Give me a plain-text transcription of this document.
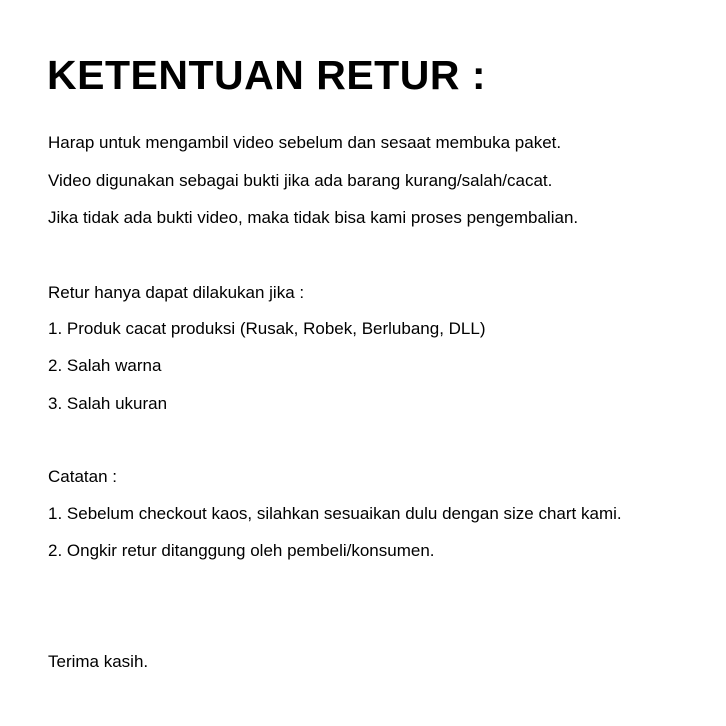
KETENTUAN RETUR :

Harap untuk mengambil video sebelum dan sesaat membuka paket.

Video digunakan sebagai bukti jika ada barang kurang/salah/cacat.

Jika tidak ada bukti video, maka tidak bisa kami proses pengembalian.

Retur hanya dapat dilakukan jika :

1. Produk cacat produksi (Rusak, Robek, Berlubang, DLL)

2. Salah warna

3. Salah ukuran

Catatan :

1. Sebelum checkout kaos, silahkan sesuaikan dulu dengan size chart kami.

2. Ongkir retur ditanggung oleh pembeli/konsumen.

Terima kasih.
